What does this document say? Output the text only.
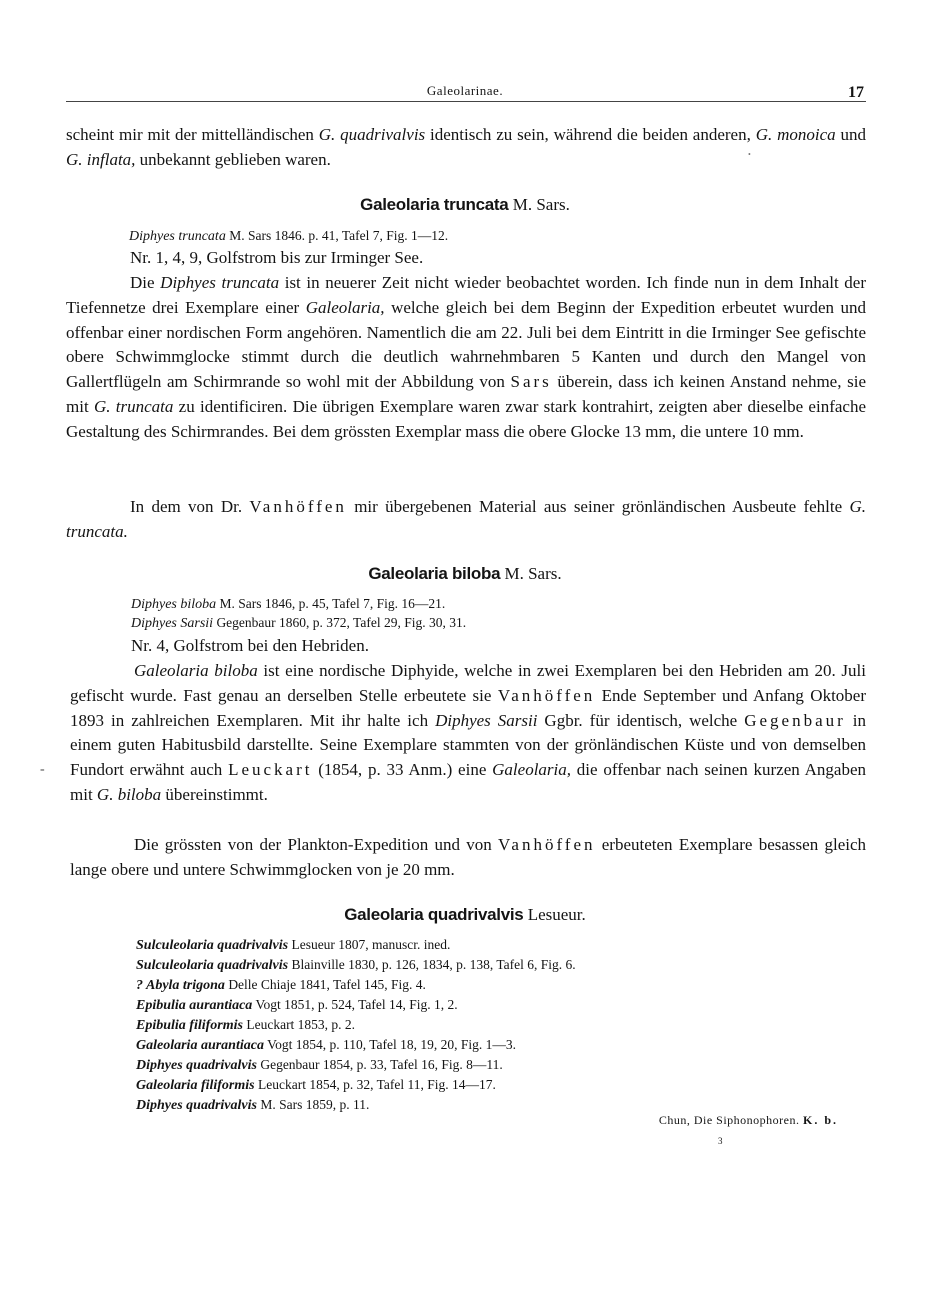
Galeolarinae.	17
•
scheint mir mit der mittelländischen G. quadrivalvis identisch zu sein, während die beiden anderen, G. monoica und G. inflata, unbekannt geblieben waren.
Galeolaria truncata M. Sars.
Diphyes truncata M. Sars 1846. p. 41, Tafel 7, Fig. 1—12.
Nr. 1, 4, 9, Golfstrom bis zur Irminger See.
Die Diphyes truncata ist in neuerer Zeit nicht wieder beobachtet worden. Ich finde nun in dem Inhalt der Tiefennetze drei Exemplare einer Galeolaria, welche gleich bei dem Beginn der Expedition erbeutet wurden und offenbar einer nordischen Form angehören. Namentlich die am 22. Juli bei dem Eintritt in die Irminger See gefischte obere Schwimmglocke stimmt durch die deutlich wahrnehmbaren 5 Kanten und durch den Mangel von Gallertflügeln am Schirmrande so wohl mit der Abbildung von Sars überein, dass ich keinen Anstand nehme, sie mit G. truncata zu identificiren. Die übrigen Exemplare waren zwar stark kontrahirt, zeigten aber dieselbe einfache Gestaltung des Schirmrandes. Bei dem grössten Exemplar mass die obere Glocke 13 mm, die untere 10 mm.
In dem von Dr. Vanhöffen mir übergebenen Material aus seiner grönländischen Ausbeute fehlte G. truncata.
Galeolaria biloba M. Sars.
Diphyes biloba M. Sars 1846, p. 45, Tafel 7, Fig. 16—21.
Diphyes Sarsii Gegenbaur 1860, p. 372, Tafel 29, Fig. 30, 31.
Nr. 4, Golfstrom bei den Hebriden.
Galeolaria biloba ist eine nordische Diphyide, welche in zwei Exemplaren bei den Hebriden am 20. Juli gefischt wurde. Fast genau an derselben Stelle erbeutete sie Vanhöffen Ende September und Anfang Oktober 1893 in zahlreichen Exemplaren. Mit ihr halte ich Diphyes Sarsii Ggbr. für identisch, welche Gegenbaur in einem guten Habitusbild darstellte. Seine Exemplare stammten von der grönländischen Küste und von demselben Fundort erwähnt auch Leuckart (1854, p. 33 Anm.) eine Galeolaria, die offenbar nach seinen kurzen Angaben mit G. biloba übereinstimmt.
-
Die grössten von der Plankton-Expedition und von Vanhöffen erbeuteten Exemplare besassen gleich lange obere und untere Schwimmglocken von je 20 mm.
Galeolaria quadrivalvis Lesueur.
Sulculeolaria quadrivalvis Lesueur 1807, manuscr. ined.
Sulculeolaria quadrivalvis Blainville 1830, p. 126, 1834, p. 138, Tafel 6, Fig. 6.
? Abyla trigona Delle Chiaje 1841, Tafel 145, Fig. 4.
Epibulia aurantiaca Vogt 1851, p. 524, Tafel 14, Fig. 1, 2.
Epibulia filiformis Leuckart 1853, p. 2.
Galeolaria aurantiaca Vogt 1854, p. 110, Tafel 18, 19, 20, Fig. 1—3.
Diphyes quadrivalvis Gegenbaur 1854, p. 33, Tafel 16, Fig. 8—11.
Galeolaria filiformis Leuckart 1854, p. 32, Tafel 11, Fig. 14—17.
Diphyes quadrivalvis M. Sars 1859, p. 11.
Chun, Die Siphonophoren. K. b.
3
